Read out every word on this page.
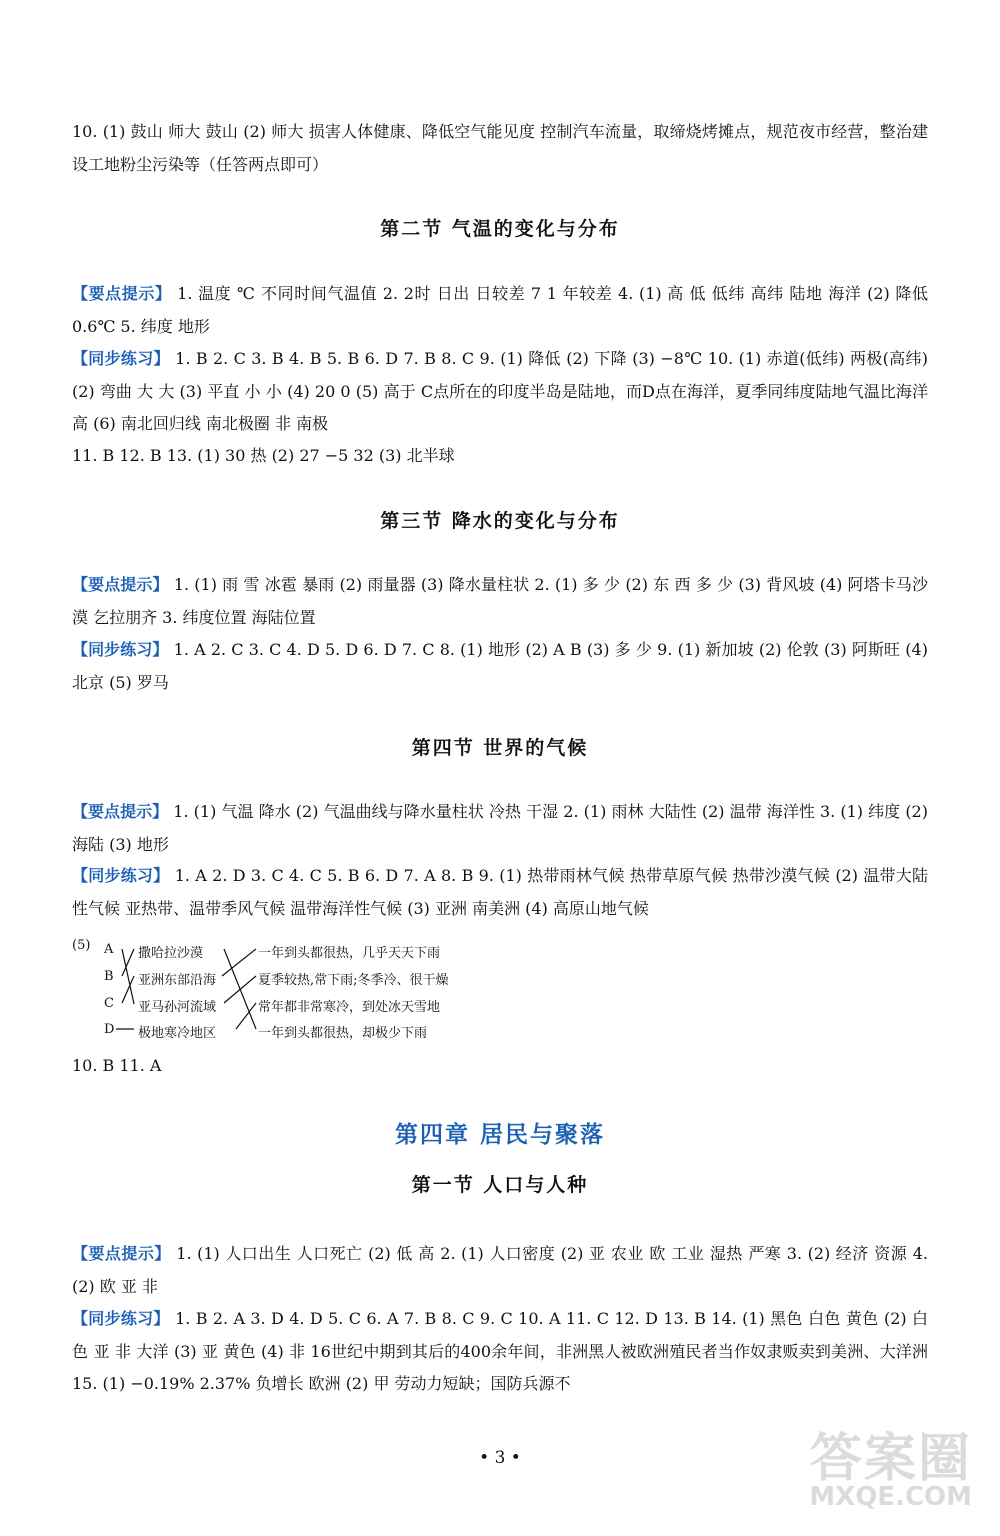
10. (1) 鼓山 师大 鼓山 (2) 师大 损害人体健康、降低空气能见度 控制汽车流量，取缔烧烤摊点，规范夜市经营，整治建设工地粉尘污染等（任答两点即可）

第二节 气温的变化与分布

【要点提示】 1. 温度 ℃ 不同时间气温值 2. 2时 日出 日较差 7 1 年较差 4. (1) 高 低 低纬 高纬 陆地 海洋 (2) 降低 0.6℃ 5. 纬度 地形

【同步练习】 1. B 2. C 3. B 4. B 5. B 6. D 7. B 8. C 9. (1) 降低 (2) 下降 (3) −8℃ 10. (1) 赤道(低纬) 两极(高纬) (2) 弯曲 大 大 (3) 平直 小 小 (4) 20 0 (5) 高于 C点所在的印度半岛是陆地，而D点在海洋，夏季同纬度陆地气温比海洋高 (6) 南北回归线 南北极圈 非 南极

11. B 12. B 13. (1) 30 热 (2) 27 −5 32 (3) 北半球

第三节 降水的变化与分布

【要点提示】 1. (1) 雨 雪 冰雹 暴雨 (2) 雨量器 (3) 降水量柱状 2. (1) 多 少 (2) 东 西 多 少 (3) 背风坡 (4) 阿塔卡马沙漠 乞拉朋齐 3. 纬度位置 海陆位置

【同步练习】 1. A 2. C 3. C 4. D 5. D 6. D 7. C 8. (1) 地形 (2) A B (3) 多 少 9. (1) 新加坡 (2) 伦敦 (3) 阿斯旺 (4) 北京 (5) 罗马

第四节 世界的气候

【要点提示】 1. (1) 气温 降水 (2) 气温曲线与降水量柱状 冷热 干湿 2. (1) 雨林 大陆性 (2) 温带 海洋性 3. (1) 纬度 (2) 海陆 (3) 地形

【同步练习】 1. A 2. D 3. C 4. C 5. B 6. D 7. A 8. B 9. (1) 热带雨林气候 热带草原气候 热带沙漠气候 (2) 温带大陆性气候 亚热带、温带季风气候 温带海洋性气候 (3) 亚洲 南美洲 (4) 高原山地气候

(5) A
B
C
D
撒哈拉沙漠
亚洲东部沿海
亚马孙河流域
极地寒冷地区
一年到头都很热，几乎天天下雨
夏季较热,常下雨;冬季冷、很干燥
常年都非常寒冷，到处冰天雪地
一年到头都很热，却极少下雨

10. B 11. A

第四章 居民与聚落
第一节 人口与人种

【要点提示】 1. (1) 人口出生 人口死亡 (2) 低 高 2. (1) 人口密度 (2) 亚 农业 欧 工业 湿热 严寒 3. (2) 经济 资源 4. (2) 欧 亚 非

【同步练习】 1. B 2. A 3. D 4. D 5. C 6. A 7. B 8. C 9. C 10. A 11. C 12. D 13. B 14. (1) 黑色 白色 黄色 (2) 白色 亚 非 大洋 (3) 亚 黄色 (4) 非 16世纪中期到其后的400余年间，非洲黑人被欧洲殖民者当作奴隶贩卖到美洲、大洋洲 15. (1) −0.19% 2.37% 负增长 欧洲 (2) 甲 劳动力短缺；国防兵源不

• 3 •	答案圈
MXQE.COM
